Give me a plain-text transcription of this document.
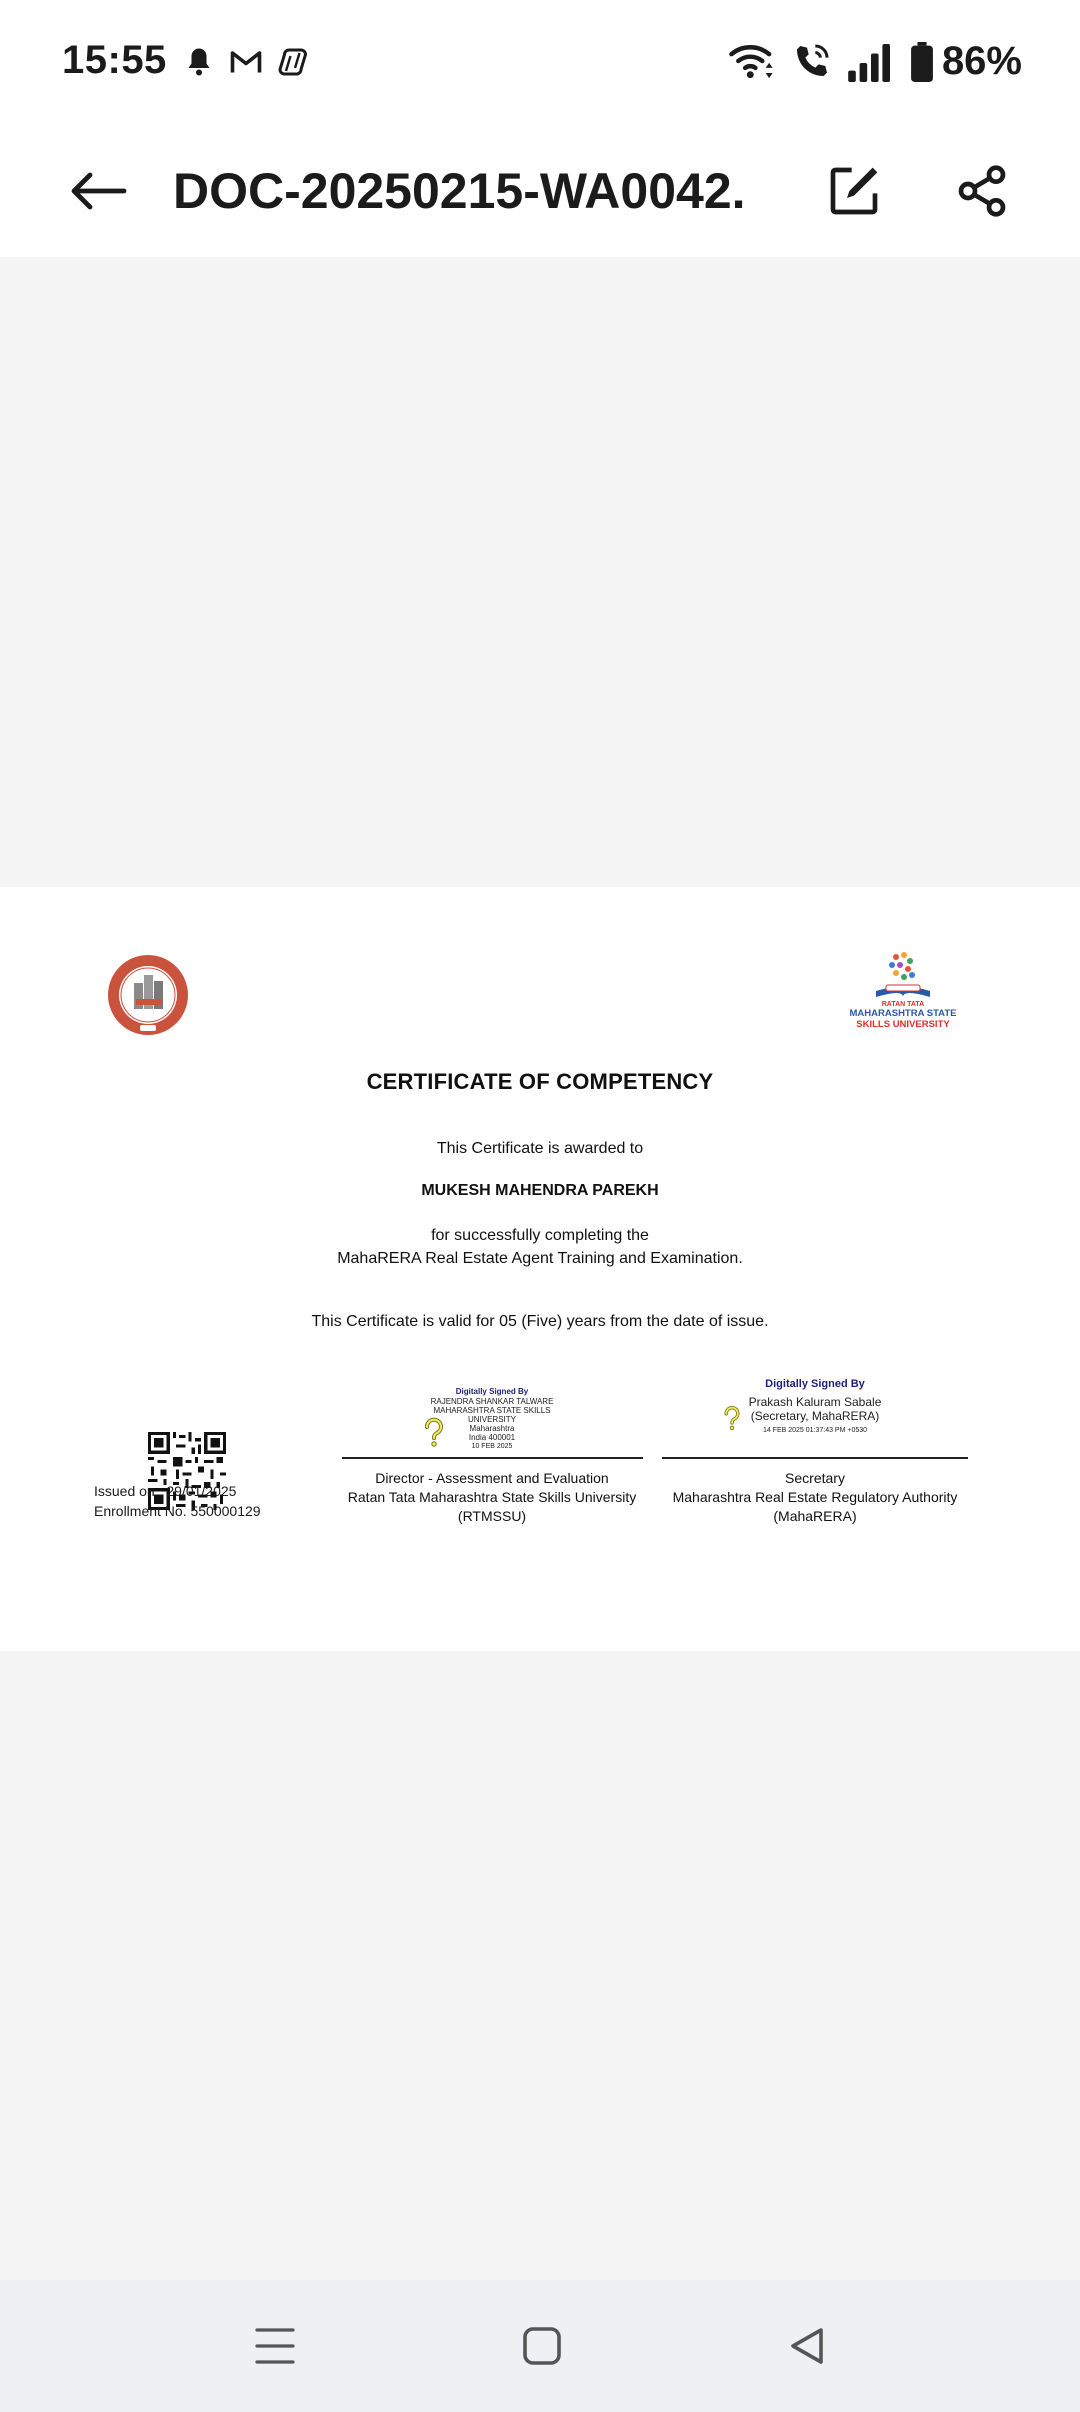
15:55	86%
DOC-20250215-WA0042.
RATAN TATA
MAHARASHTRA STATE
SKILLS UNIVERSITY
CERTIFICATE OF COMPETENCY
This Certificate is awarded to
MUKESH MAHENDRA PAREKH
for successfully completing the
MahaRERA Real Estate Agent Training and Examination.
This Certificate is valid for 05 (Five) years from the date of issue.
Issued on : 29/01/2025
Enrollment No. 550000129
Digitally Signed By
RAJENDRA SHANKAR TALWARE
MAHARASHTRA STATE SKILLS
UNIVERSITY
Maharashtra
India 400001
10 FEB 2025
Director - Assessment and Evaluation
Ratan Tata Maharashtra State Skills University
(RTMSSU)
Digitally Signed By
Prakash Kaluram Sabale
(Secretary, MahaRERA)
14 FEB 2025 01:37:43 PM +0530
Secretary
Maharashtra Real Estate Regulatory Authority
(MahaRERA)
